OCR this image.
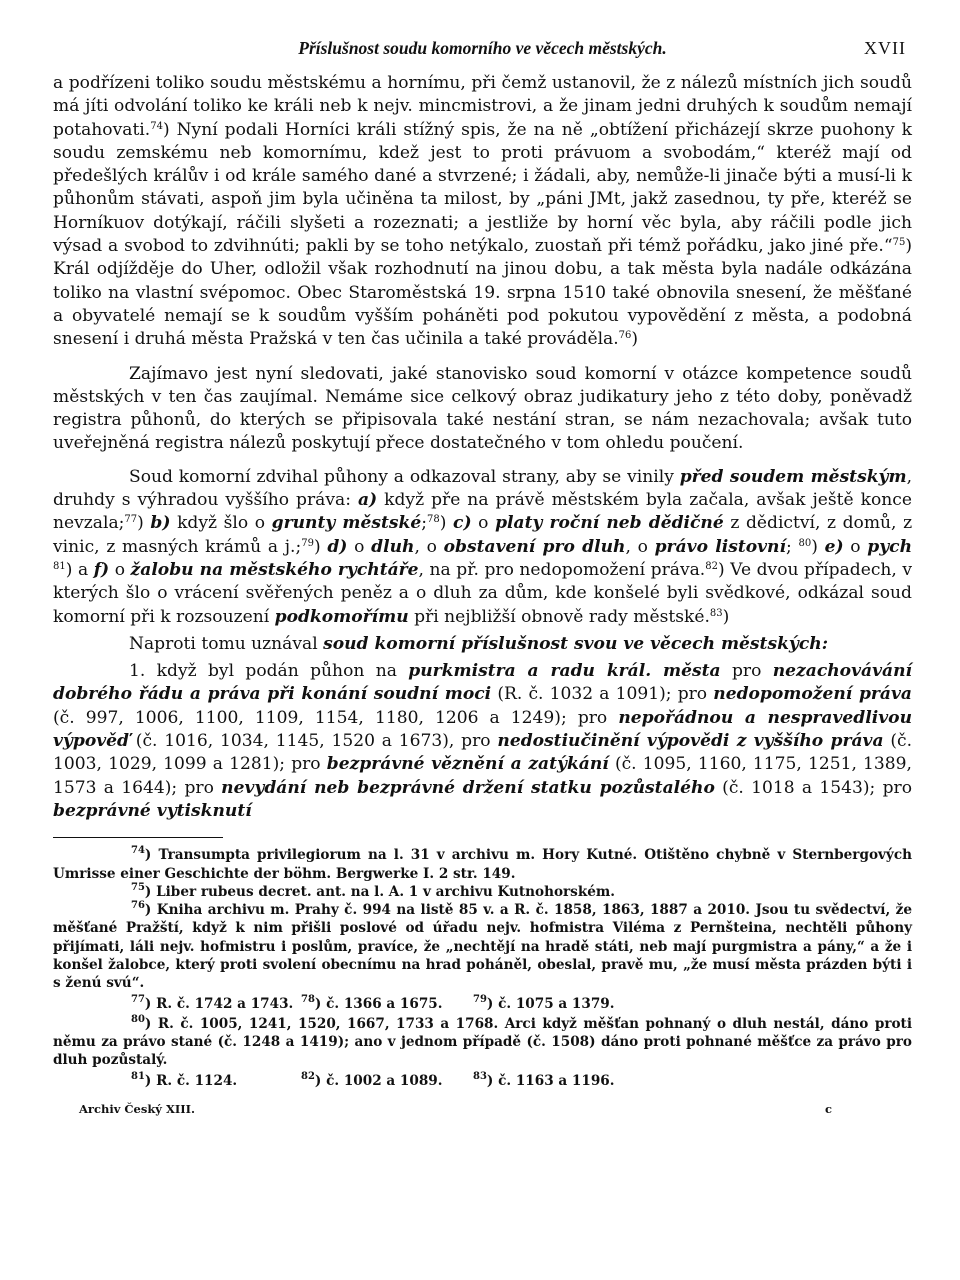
Příslušnost soudu komorního ve věcech městských.	XVII

a podřízeni toliko soudu městskému a hornímu, při čemž ustanovil, že z nálezů místních jich soudů má jíti odvolání toliko ke králi neb k nejv. mincmistrovi, a že jinam jedni druhých k soudům nemají potahovati.$^{74}$) Nyní podali Horníci králi stížný spis, že na ně „obtížení přicházejí skrze puohony k soudu zemskému neb komornímu, kdež jest to proti právuom a svobodám,“ kteréž mají od předešlých králův i od krále samého dané a stvrzené; i žádali, aby, nemůže-li jinače býti a musí-li k půhonům stávati, aspoň jim byla učiněna ta milost, by „páni JMt, jakž zasednou, ty pře, kteréž se Horníkuov dotýkají, ráčili slyšeti a rozeznati; a jestliže by horní věc byla, aby ráčili podle jich výsad a svobod to zdvihnúti; pakli by se toho netýkalo, zuostaň při témž pořádku, jako jiné pře.“$^{75}$) Král odjížděje do Uher, odložil však rozhodnutí na jinou dobu, a tak města byla nadále odkázána toliko na vlastní svépomoc. Obec Staroměstská 19. srpna 1510 také obnovila snesení, že měšťané a obyvatelé nemají se k soudům vyšším poháněti pod pokutou vypovědění z města, a podobná snesení i druhá města Pražská v ten čas učinila a také prováděla.$^{76}$)

Zajímavo jest nyní sledovati, jaké stanovisko soud komorní v otázce kompetence soudů městských v ten čas zaujímal. Nemáme sice celkový obraz judikatury jeho z této doby, poněvadž registra půhonů, do kterých se připisovala také nestání stran, se nám nezachovala; avšak tuto uveřejněná registra nálezů poskytují přece dostatečného v tom ohledu poučení.

Soud komorní zdvihal půhony a odkazoval strany, aby se vinily před soudem městským, druhdy s výhradou vyššího práva: a) když pře na právě městském byla začala, avšak ještě konce nevzala;$^{77}$) b) když šlo o grunty městské;$^{78}$) c) o platy roční neb dědičné z dědictví, z domů, z vinic, z masných krámů a j.;$^{79}$) d) o dluh, o obstavení pro dluh, o právo listovní; $^{80}$) e) o pych $^{81}$) a f) o žalobu na městského rychtáře, na př. pro nedopomožení práva.$^{82}$) Ve dvou případech, v kterých šlo o vrácení svěřených peněz a o dluh za dům, kde konšelé byli svědkové, odkázal soud komorní při k rozsouzení podkomořímu při nejbližší obnově rady městské.$^{83}$)

Naproti tomu uznával soud komorní příslušnost svou ve věcech městských:

1. když byl podán půhon na purkmistra a radu král. města pro nezachovávání dobrého řádu a práva při konání soudní moci (R. č. 1032 a 1091); pro nedopomožení práva (č. 997, 1006, 1100, 1109, 1154, 1180, 1206 a 1249); pro nepořádnou a nespravedlivou výpověď (č. 1016, 1034, 1145, 1520 a 1673), pro nedostiučinění výpovědi z vyššího práva (č. 1003, 1029, 1099 a 1281); pro bezprávné věznění a zatýkání (č. 1095, 1160, 1175, 1251, 1389, 1573 a 1644); pro nevydání neb bezprávné držení statku pozůstalého (č. 1018 a 1543); pro bezprávné vytisknutí

$^{74}$) Transumpta privilegiorum na l. 31 v archivu m. Hory Kutné. Otištěno chybně v Sternbergových Umrisse einer Geschichte der böhm. Bergwerke I. 2 str. 149.

$^{75}$) Liber rubeus decret. ant. na l. A. 1 v archivu Kutnohorském.

$^{76}$) Kniha archivu m. Prahy č. 994 na listě 85 v. a R. č. 1858, 1863, 1887 a 2010. Jsou tu svědectví, že měšťané Pražští, když k nim přišli poslové od úřadu nejv. hofmistra Viléma z Pernšteina, nechtěli půhony přijímati, láli nejv. hofmistru i poslům, pravíce, že „nechtějí na hradě státi, neb mají purgmistra a pány,“ a že i konšel žalobce, který proti svolení obecnímu na hrad poháněl, obeslal, pravě mu, „že musí města prázden býti i s ženú svú“.

$^{77}$) R. č. 1742 a 1743. $^{78}$) č. 1366 a 1675.	$^{79}$) č. 1075 a 1379.

$^{80}$) R. č. 1005, 1241, 1520, 1667, 1733 a 1768. Arci když měšťan pohnaný o dluh nestál, dáno proti němu za právo stané (č. 1248 a 1419); ano v jednom případě (č. 1508) dáno proti pohnané měšťce za právo pro dluh pozůstalý.

$^{81}$) R. č. 1124.	$^{82}$) č. 1002 a 1089.	$^{83}$) č. 1163 a 1196.
Archiv Český XIII.	c
